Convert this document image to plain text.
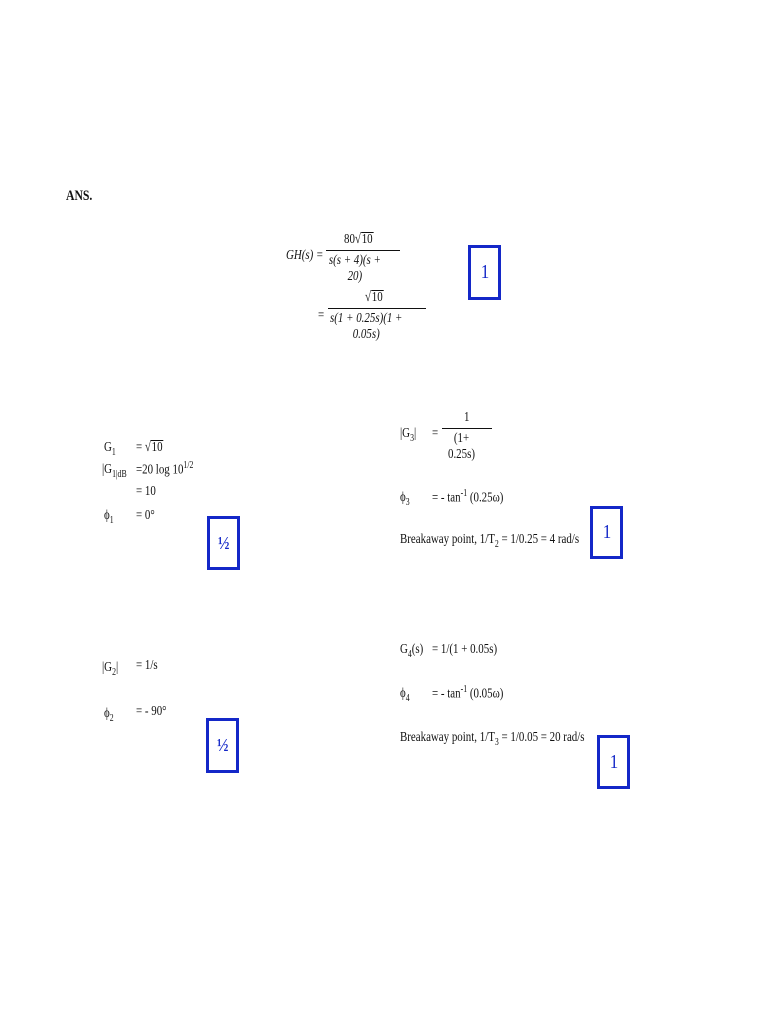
ANS.
GH(s) =
80√10
s(s + 4)(s + 20)
=
√10
s(1 + 0.25s)(1 + 0.05s)
1
$G_1 = √10$
$|G_{1|dB} =20$ $\log 10^{1/2}$
= 10
$\phi_1 = 0^\circ$
½
$|G_2|$	= 1/s
$\phi_2$ = - 90°
½
$|G_3|$	=
1
(1+ 0.25s)
$\phi_3$ = - $\tan^{-1} (0.25\omega)$
Breakaway point, $1/T_2 = 1/0.25 = 4$ rad/s	1
$G_4(s) = 1/(1 + 0.05s)$
$\phi_4$ = - $\tan^{-1} (0.05\omega)$
Breakaway point, $1/T_3 = 1/0.05 = 20$ rad/s
1
